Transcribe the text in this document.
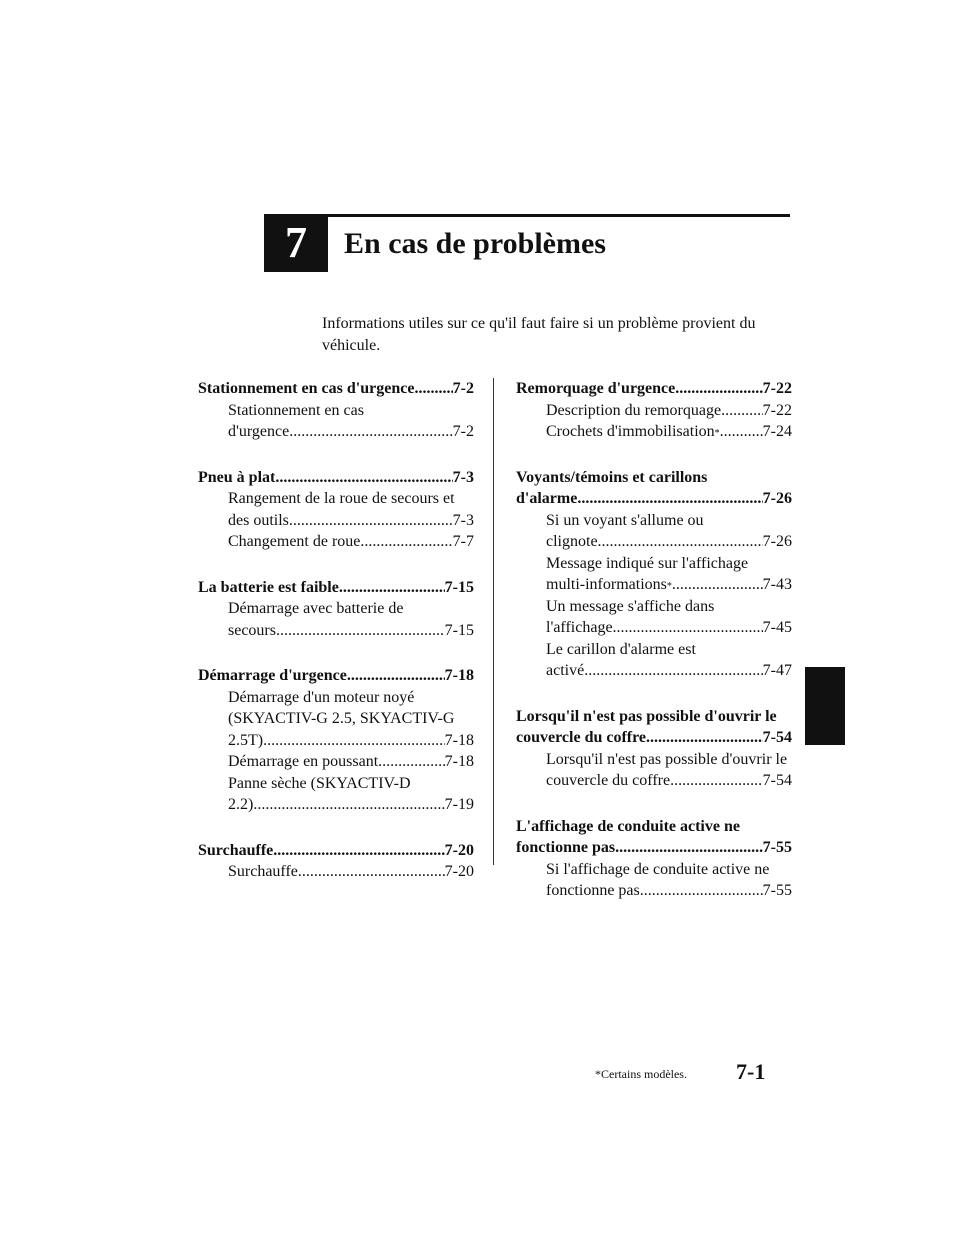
7	En cas de problèmes
Informations utiles sur ce qu'il faut faire si un problème provient du véhicule.
Stationnement en cas d'urgence ..... 7-2
Stationnement en cas
d'urgence .....	7-2
Pneu à plat .....	7-3
Rangement de la roue de secours et
des outils .....	7-3
Changement de roue .....	7-7
La batterie est faible .....	7-15
Démarrage avec batterie de
secours .....	7-15
Démarrage d'urgence .....	7-18
Démarrage d'un moteur noyé
(SKYACTIV-G 2.5, SKYACTIV-G
2.5T) .....	7-18
Démarrage en poussant .....	7-18
Panne sèche (SKYACTIV-D
2.2) .....	7-19
Surchauffe .....	7-20
Surchauffe .....	7-20
Remorquage d'urgence .....	7-22
Description du remorquage .....	7-22
Crochets d'immobilisation * .....	7-24
Voyants/témoins et carillons
d'alarme .....	7-26
Si un voyant s'allume ou
clignote .....	7-26
Message indiqué sur l'affichage
multi-informations * .....	7-43
Un message s'affiche dans
l'affichage .....	7-45
Le carillon d'alarme est
activé .....	7-47
Lorsqu'il n'est pas possible d'ouvrir le
couvercle du coffre .....	7-54
Lorsqu'il n'est pas possible d'ouvrir le
couvercle du coffre .....	7-54
L'affichage de conduite active ne
fonctionne pas .....	7-55
Si l'affichage de conduite active ne
fonctionne pas .....	7-55
*Certains modèles. 7-1
